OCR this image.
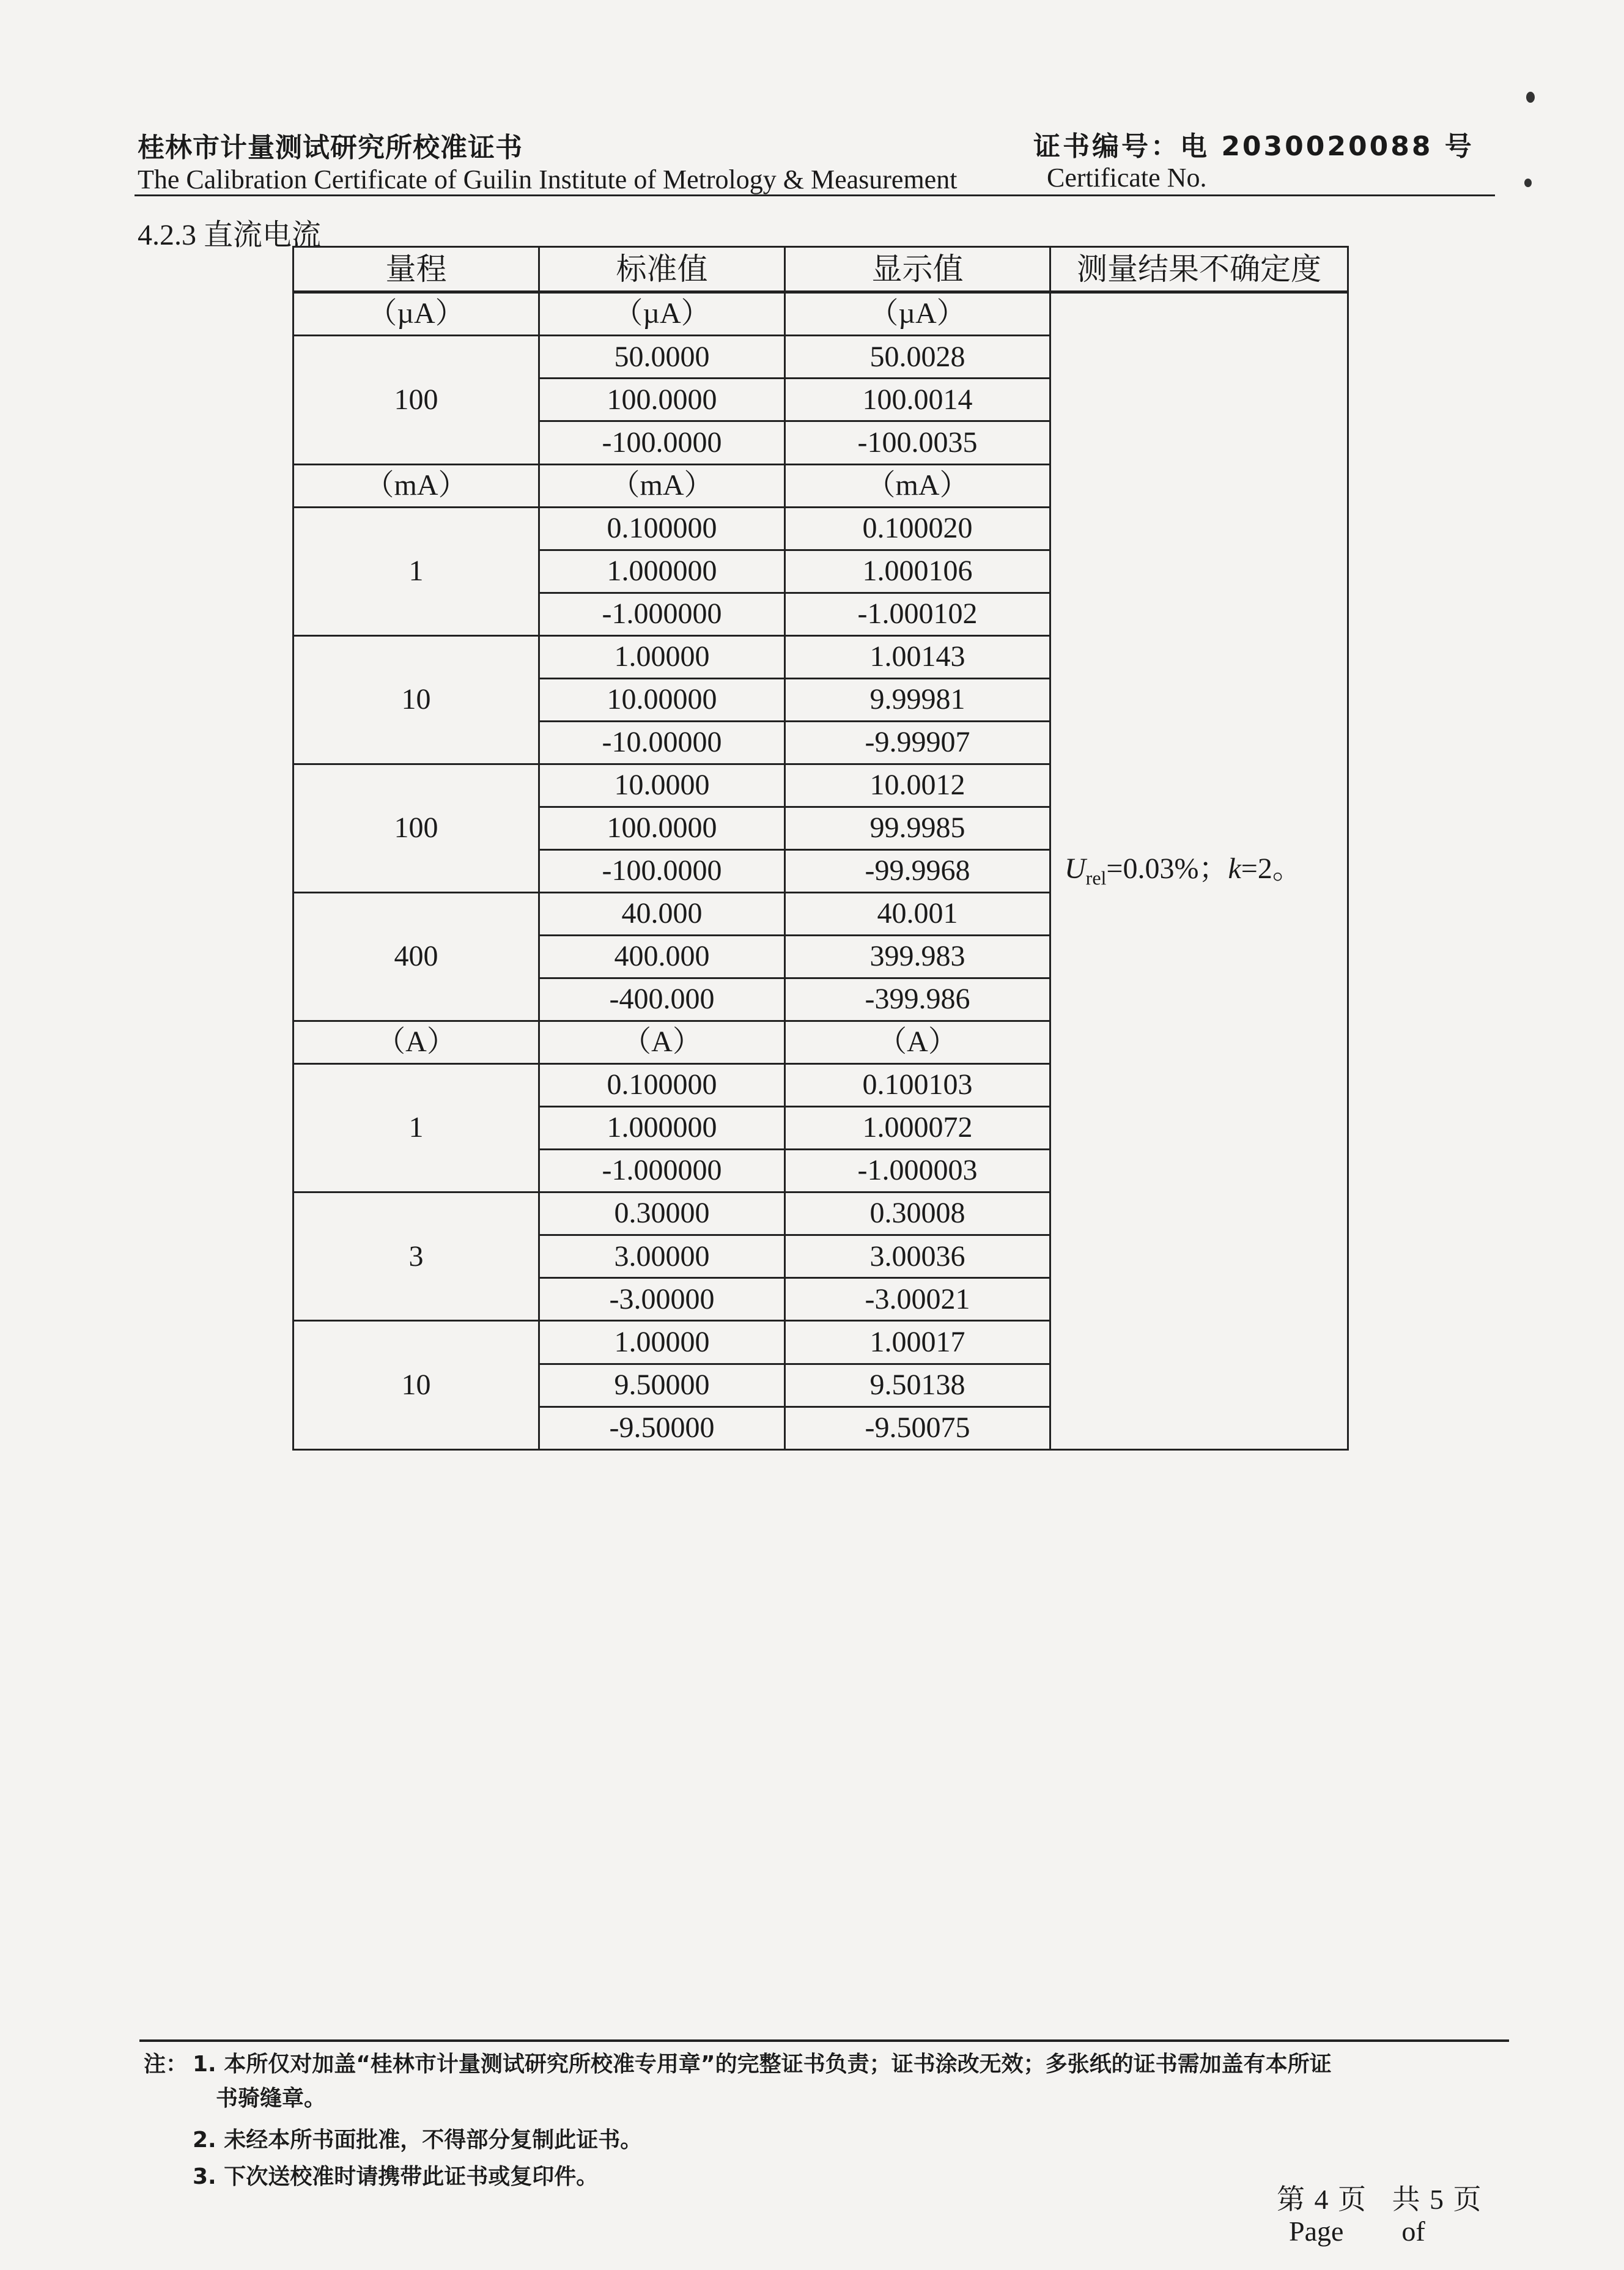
桂林市计量测试研究所校准证书	证书编号：电 2030020088 号
The Calibration Certificate of Guilin Institute of Metrology & Measurement	Certificate No.
4.2.3 直流电流
量程	标准值	显示值	测量结果不确定度
（µA）	（µA）	（µA）	$U_{rel}=0.03\%$；k=2。
100	50.0000	50.0028	
	100.0000	100.0014	
	-100.0000	-100.0035	
（mA）	（mA）	（mA）	
1	0.100000	0.100020	
	1.000000	1.000106	
	-1.000000	-1.000102	
10	1.00000	1.00143	
	10.00000	9.99981	
	-10.00000	-9.99907	
100	10.0000	10.0012	
	100.0000	99.9985	
	-100.0000	-99.9968	
400	40.000	40.001	
	400.000	399.983	
	-400.000	-399.986	
（A）	（A）	（A）	
1	0.100000	0.100103	
	1.000000	1.000072	
	-1.000000	-1.000003	
3	0.30000	0.30008	
	3.00000	3.00036	
	-3.00000	-3.00021	
10	1.00000	1.00017	
	9.50000	9.50138	
	-9.50000	-9.50075	
注： 1. 本所仅对加盖“桂林市计量测试研究所校准专用章”的完整证书负责；证书涂改无效；多张纸的证书需加盖有本所证
书骑缝章。
2. 未经本所书面批准，不得部分复制此证书。
3. 下次送校准时请携带此证书或复印件。
第 4 页 共 5 页
Page of
